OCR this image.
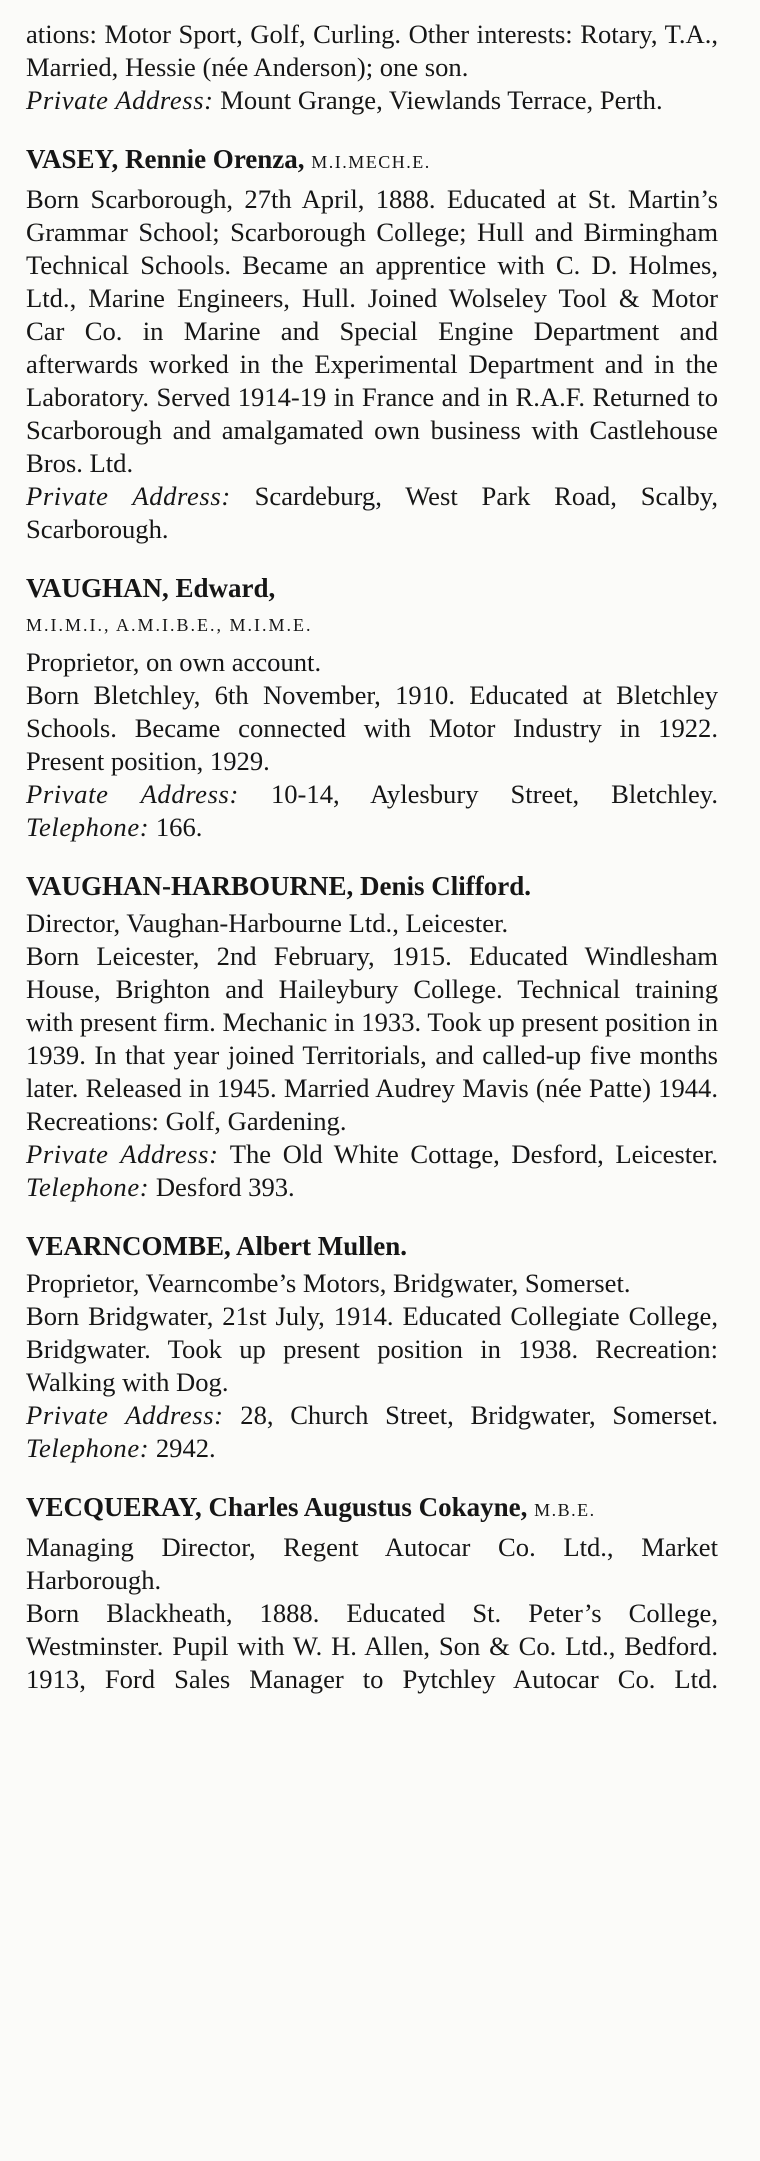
ations: Motor Sport, Golf, Curling. Other interests: Rotary, T.A., Married, Hessie (née Anderson); one son.

Private Address: Mount Grange, Viewlands Terrace, Perth.

VASEY, Rennie Orenza, M.I.MECH.E.

Born Scarborough, 27th April, 1888. Educated at St. Martin’s Grammar School; Scarborough College; Hull and Birmingham Technical Schools. Became an apprentice with C. D. Holmes, Ltd., Marine Engineers, Hull. Joined Wolseley Tool & Motor Car Co. in Marine and Special Engine Department and afterwards worked in the Experimental Department and in the Laboratory. Served 1914-19 in France and in R.A.F. Returned to Scarborough and amalgamated own business with Castlehouse Bros. Ltd.

Private Address: Scardeburg, West Park Road, Scalby, Scarborough.

VAUGHAN, Edward,

M.I.M.I., A.M.I.B.E., M.I.M.E.

Proprietor, on own account.

Born Bletchley, 6th November, 1910. Educated at Bletchley Schools. Became connected with Motor Industry in 1922. Present position, 1929.

Private Address: 10-14, Aylesbury Street, Bletchley. Telephone: 166.

VAUGHAN-HARBOURNE, Denis Clifford.

Director, Vaughan-Harbourne Ltd., Leicester.

Born Leicester, 2nd February, 1915. Educated Windlesham House, Brighton and Haileybury College. Technical training with present firm. Mechanic in 1933. Took up present position in 1939. In that year joined Territorials, and called-up five months later. Released in 1945. Married Audrey Mavis (née Patte) 1944. Recreations: Golf, Gardening.

Private Address: The Old White Cottage, Desford, Leicester. Telephone: Desford 393.

VEARNCOMBE, Albert Mullen.

Proprietor, Vearncombe’s Motors, Bridgwater, Somerset.

Born Bridgwater, 21st July, 1914. Educated Collegiate College, Bridgwater. Took up present position in 1938. Recreation: Walking with Dog.

Private Address: 28, Church Street, Bridgwater, Somerset. Telephone: 2942.

VECQUERAY, Charles Augustus Cokayne, M.B.E.

Managing Director, Regent Autocar Co. Ltd., Market Harborough.

Born Blackheath, 1888. Educated St. Peter’s College, Westminster. Pupil with W. H. Allen, Son & Co. Ltd., Bedford. 1913, Ford Sales Manager to Pytchley Autocar Co. Ltd.
